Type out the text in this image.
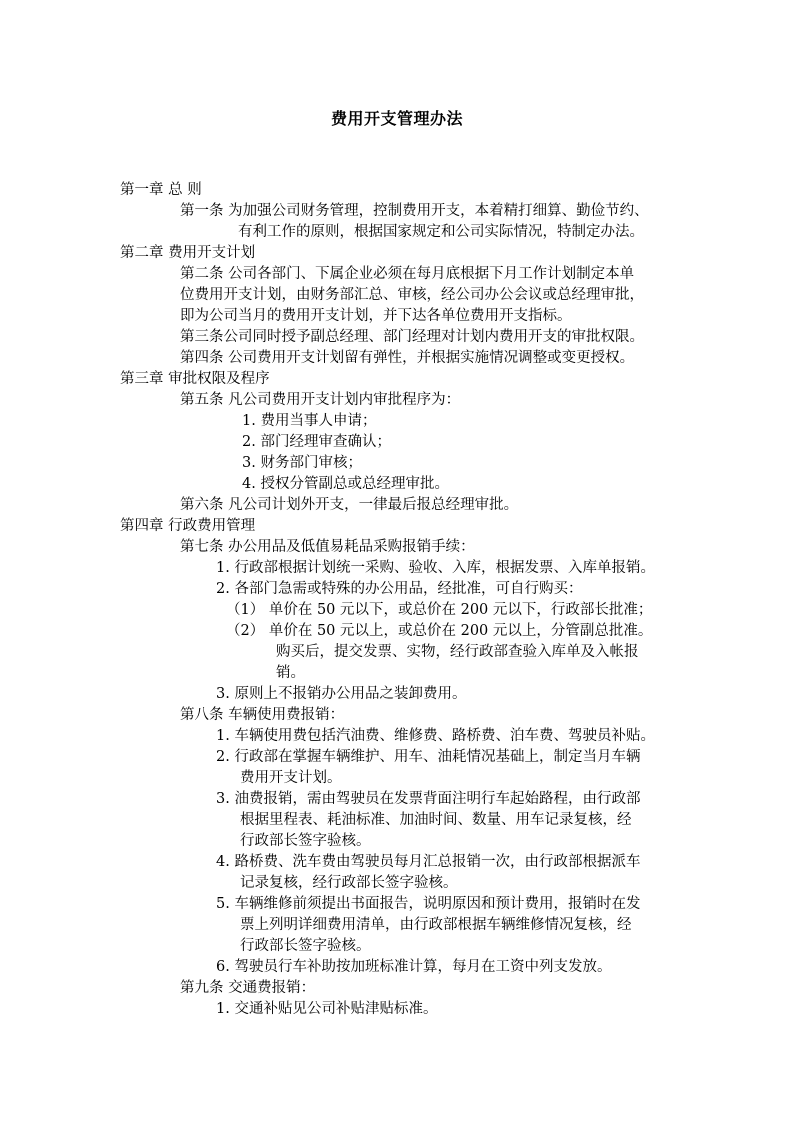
费用开支管理办法
第一章 总 则
第一条 为加强公司财务管理，控制费用开支，本着精打细算、勤俭节约、
有利工作的原则，根据国家规定和公司实际情况，特制定办法。
第二章 费用开支计划
第二条 公司各部门、下属企业必须在每月底根据下月工作计划制定本单
位费用开支计划，由财务部汇总、审核，经公司办公会议或总经理审批，
即为公司当月的费用开支计划，并下达各单位费用开支指标。
第三条公司同时授予副总经理、部门经理对计划内费用开支的审批权限。
第四条 公司费用开支计划留有弹性，并根据实施情况调整或变更授权。
第三章 审批权限及程序
第五条 凡公司费用开支计划内审批程序为：
1. 费用当事人申请；
2. 部门经理审查确认；
3. 财务部门审核；
4. 授权分管副总或总经理审批。
第六条 凡公司计划外开支，一律最后报总经理审批。
第四章 行政费用管理
第七条 办公用品及低值易耗品采购报销手续：
1. 行政部根据计划统一采购、验收、入库，根据发票、入库单报销。
2. 各部门急需或特殊的办公用品，经批准，可自行购买：
（1） 单价在 50 元以下，或总价在 200 元以下，行政部长批准；
（2） 单价在 50 元以上，或总价在 200 元以上，分管副总批准。
购买后，提交发票、实物，经行政部查验入库单及入帐报
销。
3. 原则上不报销办公用品之装卸费用。
第八条 车辆使用费报销：
1. 车辆使用费包括汽油费、维修费、路桥费、泊车费、驾驶员补贴。
2. 行政部在掌握车辆维护、用车、油耗情况基础上，制定当月车辆
费用开支计划。
3. 油费报销，需由驾驶员在发票背面注明行车起始路程，由行政部
根据里程表、耗油标准、加油时间、数量、用车记录复核，经
行政部长签字验核。
4. 路桥费、洗车费由驾驶员每月汇总报销一次，由行政部根据派车
记录复核，经行政部长签字验核。
5. 车辆维修前须提出书面报告，说明原因和预计费用，报销时在发
票上列明详细费用清单，由行政部根据车辆维修情况复核，经
行政部长签字验核。
6. 驾驶员行车补助按加班标准计算，每月在工资中列支发放。
第九条 交通费报销：
1. 交通补贴见公司补贴津贴标准。
